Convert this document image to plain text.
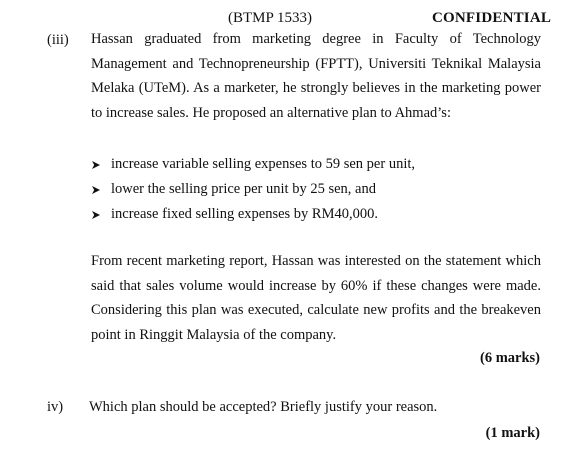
(BTMP 1533)	CONFIDENTIAL
(iii) Hassan graduated from marketing degree in Faculty of Technology Management and Technopreneurship (FPTT), Universiti Teknikal Malaysia Melaka (UTeM). As a marketer, he strongly believes in the marketing power to increase sales. He proposed an alternative plan to Ahmad’s:
increase variable selling expenses to 59 sen per unit,
lower the selling price per unit by 25 sen, and
increase fixed selling expenses by RM40,000.
From recent marketing report, Hassan was interested on the statement which said that sales volume would increase by 60% if these changes were made. Considering this plan was executed, calculate new profits and the breakeven point in Ringgit Malaysia of the company.
(6 marks)
iv) Which plan should be accepted? Briefly justify your reason.
(1 mark)
